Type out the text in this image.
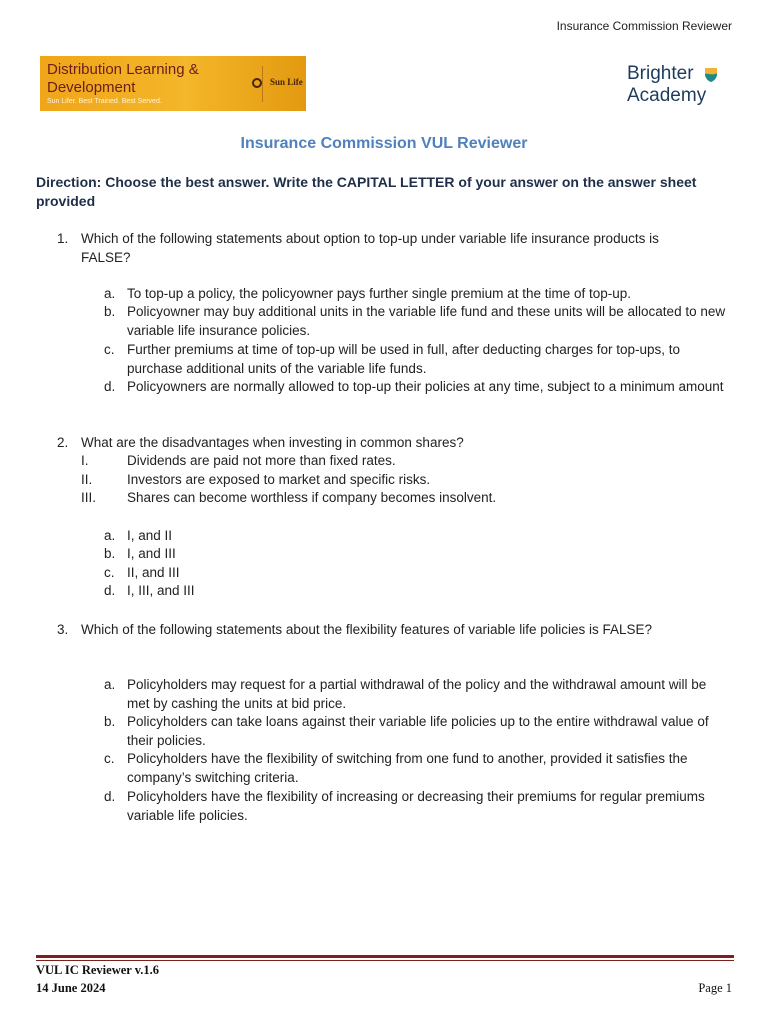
Insurance Commission Reviewer
Distribution Learning &
Development
Sun Lifer. Best Trained. Best Served.
Sun Life	Brighter
Academy
Insurance Commission VUL Reviewer
Direction: Choose the best answer. Write the CAPITAL LETTER of your answer on the answer sheet provided
1. Which of the following statements about option to top-up under variable life insurance products is FALSE?
a. To top-up a policy, the policyowner pays further single premium at the time of top-up.
b. Policyowner may buy additional units in the variable life fund and these units will be allocated to new variable life insurance policies.
c. Further premiums at time of top-up will be used in full, after deducting charges for top-ups, to purchase additional units of the variable life funds.
d. Policyowners are normally allowed to top-up their policies at any time, subject to a minimum amount
2. What are the disadvantages when investing in common shares?
I.	Dividends are paid not more than fixed rates.
II.	Investors are exposed to market and specific risks.
III. Shares can become worthless if company becomes insolvent.
a. I, and II
b. I, and III
c. II, and III
d. I, III, and III
3. Which of the following statements about the flexibility features of variable life policies is FALSE?
a. Policyholders may request for a partial withdrawal of the policy and the withdrawal amount will be met by cashing the units at bid price.
b. Policyholders can take loans against their variable life policies up to the entire withdrawal value of their policies.
c. Policyholders have the flexibility of switching from one fund to another, provided it satisfies the company’s switching criteria.
d. Policyholders have the flexibility of increasing or decreasing their premiums for regular premiums variable life policies.
VUL IC Reviewer v.1.6
14 June 2024	Page 1
